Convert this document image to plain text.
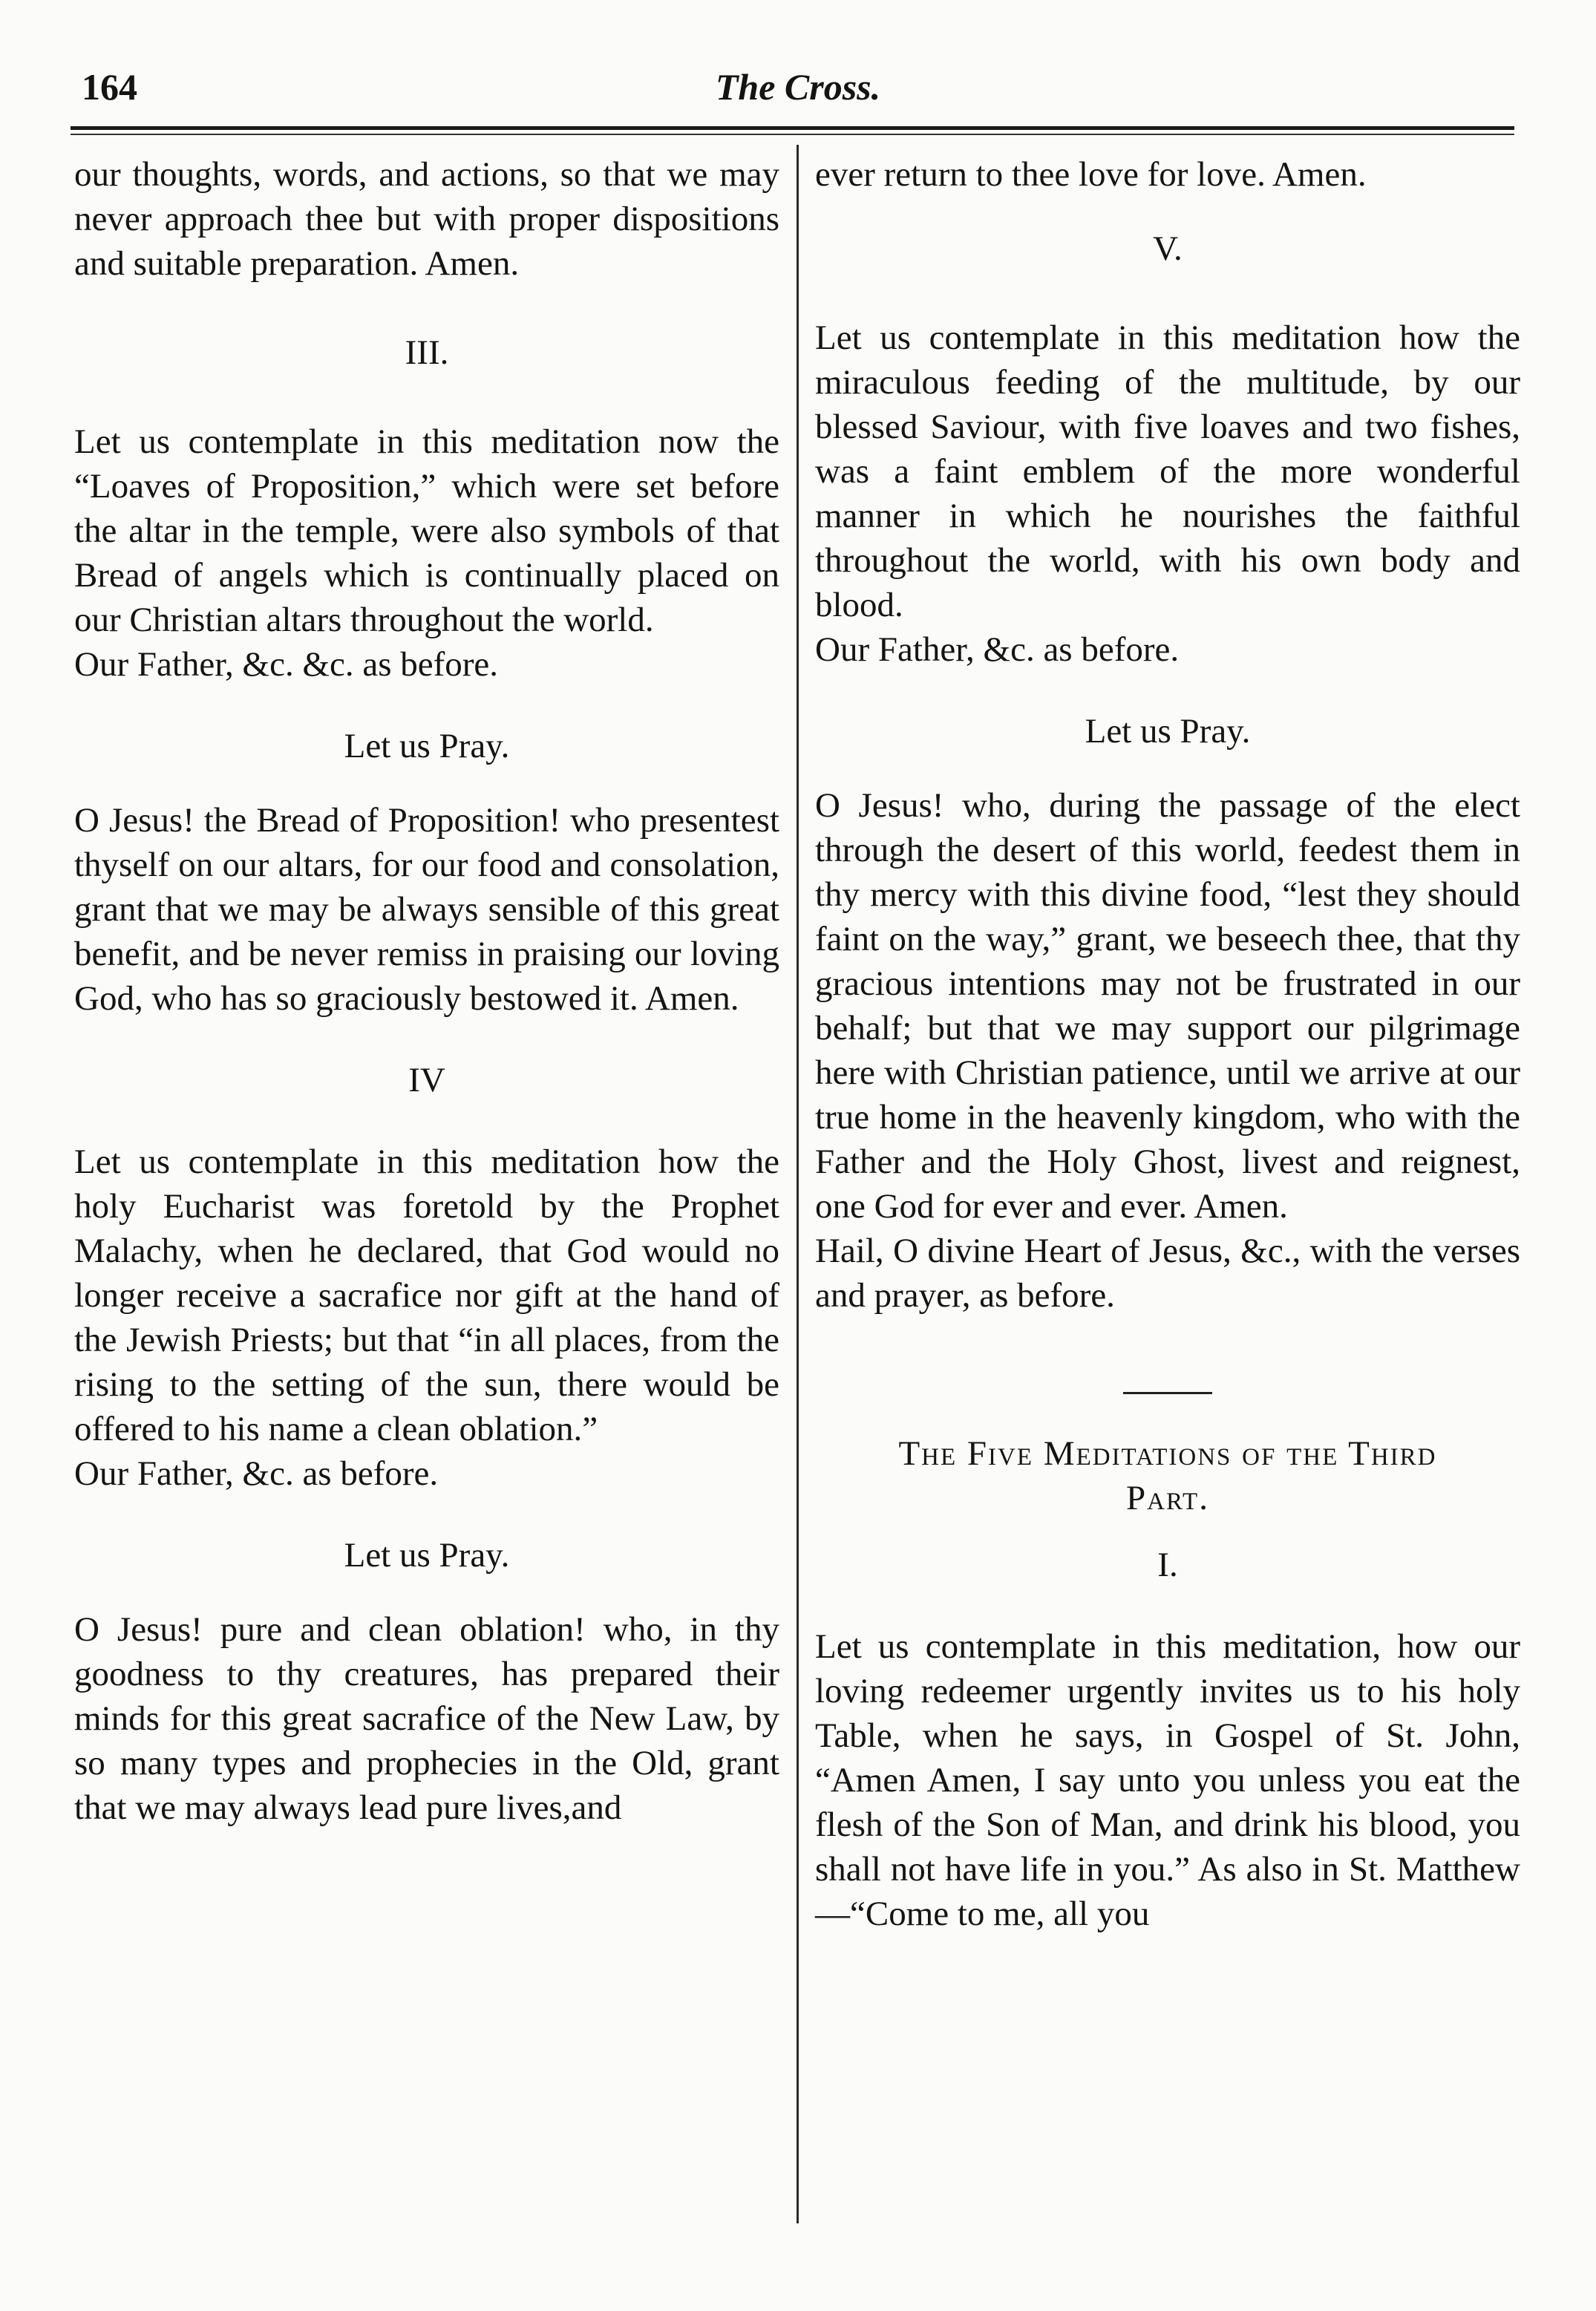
164	The Cross.

our thoughts, words, and actions, so that we may never approach thee but with proper dispositions and suitable preparation. Amen.

III.

Let us contemplate in this meditation now the “Loaves of Proposition,” which were set before the altar in the temple, were also symbols of that Bread of angels which is continually placed on our Christian altars throughout the world.

Our Father, &c. &c. as before.

Let us Pray.

O Jesus! the Bread of Proposition! who presentest thyself on our altars, for our food and consolation, grant that we may be always sensible of this great benefit, and be never remiss in praising our loving God, who has so graciously bestowed it. Amen.

IV

Let us contemplate in this meditation how the holy Eucharist was foretold by the Prophet Malachy, when he declared, that God would no longer receive a sacrafice nor gift at the hand of the Jewish Priests; but that “in all places, from the rising to the setting of the sun, there would be offered to his name a clean oblation.”

Our Father, &c. as before.

Let us Pray.

O Jesus! pure and clean oblation! who, in thy goodness to thy creatures, has prepared their minds for this great sacrafice of the New Law, by so many types and prophecies in the Old, grant that we may always lead pure lives,and

ever return to thee love for love. Amen.

V.

Let us contemplate in this meditation how the miraculous feeding of the multitude, by our blessed Saviour, with five loaves and two fishes, was a faint emblem of the more wonderful manner in which he nourishes the faithful throughout the world, with his own body and blood.

Our Father, &c. as before.

Let us Pray.

O Jesus! who, during the passage of the elect through the desert of this world, feedest them in thy mercy with this divine food, “lest they should faint on the way,” grant, we beseech thee, that thy gracious intentions may not be frustrated in our behalf; but that we may support our pilgrimage here with Christian patience, until we arrive at our true home in the heavenly kingdom, who with the Father and the Holy Ghost, livest and reignest, one God for ever and ever. Amen.

Hail, O divine Heart of Jesus, &c., with the verses and prayer, as before.

The Five Meditations of the Third
Part.
I.

Let us contemplate in this meditation, how our loving redeemer urgently invites us to his holy Table, when he says, in Gospel of St. John, “Amen Amen, I say unto you unless you eat the flesh of the Son of Man, and drink his blood, you shall not have life in you.” As also in St. Matthew—“Come to me, all you
